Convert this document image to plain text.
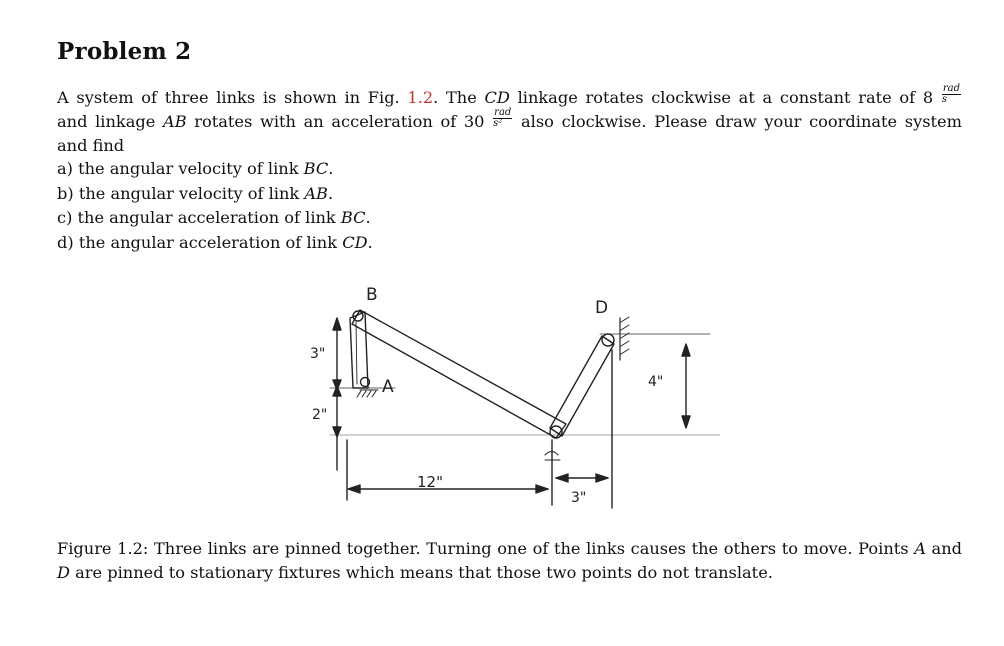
Problem 2
A system of three links is shown in Fig. 1.2. The CD linkage rotates clockwise at a constant rate of $8 \frac{\text{rad}}{s}$
and linkage AB rotates with an acceleration of $30 \frac{\text{rad}}{\text{s²}}$ also clockwise. Please draw your coordinate system
and find
a) the angular velocity of link BC.
b) the angular velocity of link AB.
c) the angular acceleration of link BC.
d) the angular acceleration of link CD.
B
A
D
3"
2"
12"
3"
4"

Figure 1.2: Three links are pinned together. Turning one of the links causes the others to move. Points A and D are pinned to stationary fixtures which means that those two points do not translate.
